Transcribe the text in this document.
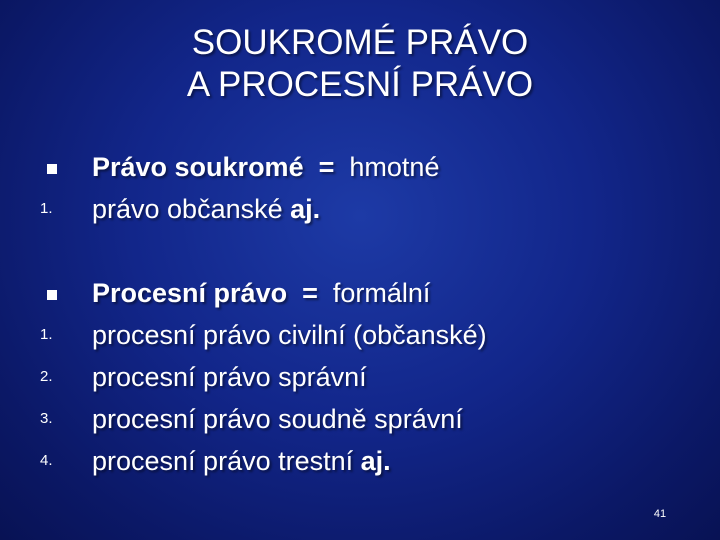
SOUKROMÉ PRÁVO
A PROCESNÍ PRÁVO
Právo soukromé = hmotné
1.	právo občanské aj.
Procesní právo = formální
1.	procesní právo civilní (občanské)
2.	procesní právo správní
3.	procesní právo soudně správní
4.	procesní právo trestní aj.
41
